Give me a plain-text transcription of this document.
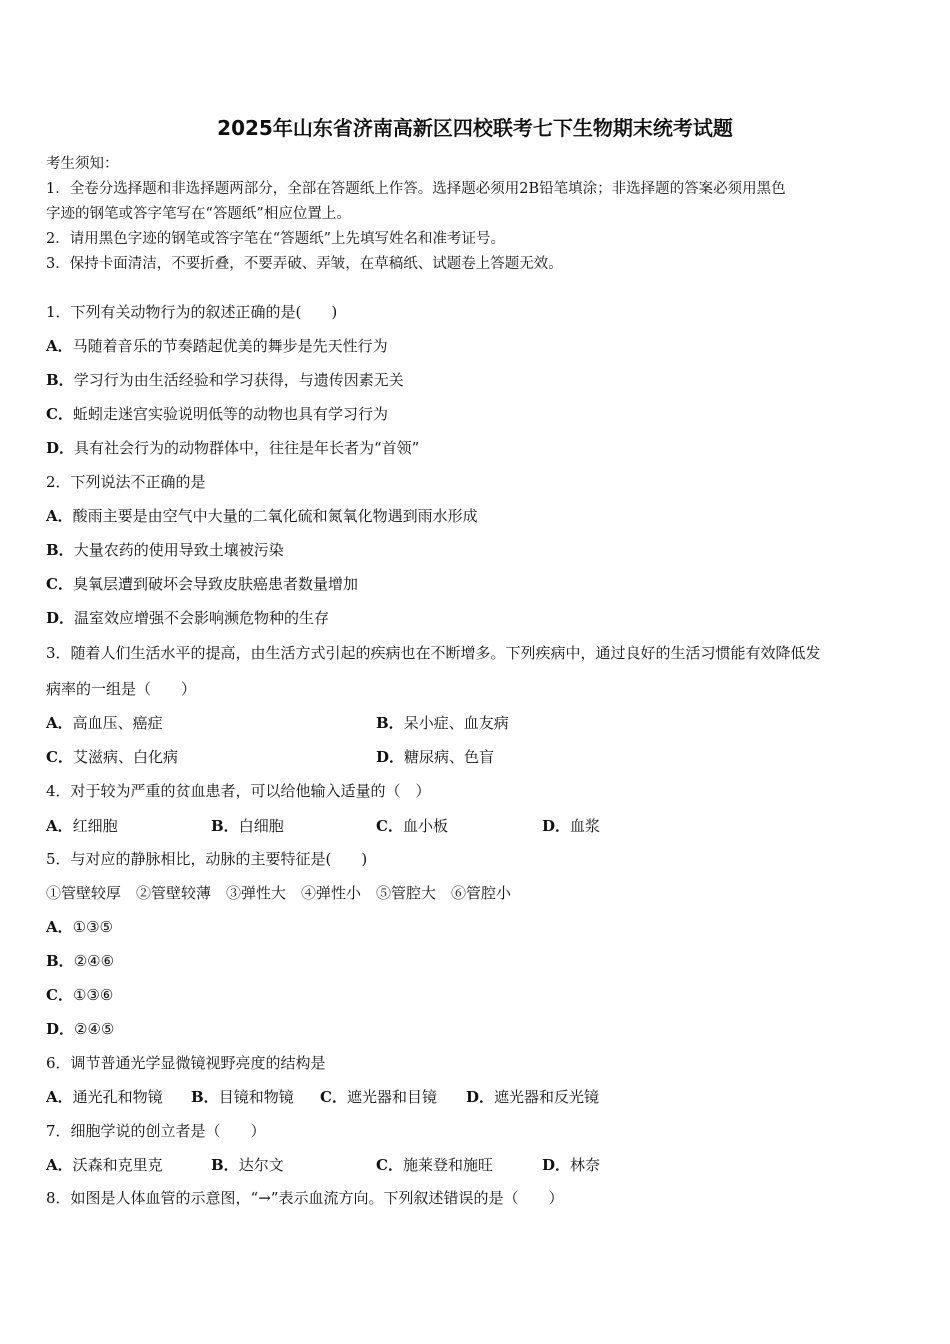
2025年山东省济南高新区四校联考七下生物期末统考试题
考生须知：
1．全卷分选择题和非选择题两部分，全部在答题纸上作答。选择题必须用2B铅笔填涂；非选择题的答案必须用黑色
字迹的钢笔或答字笔写在“答题纸”相应位置上。
2．请用黑色字迹的钢笔或答字笔在“答题纸”上先填写姓名和准考证号。
3．保持卡面清洁，不要折叠，不要弄破、弄皱，在草稿纸、试题卷上答题无效。
1．下列有关动物行为的叙述正确的是(　　)
A．马随着音乐的节奏踏起优美的舞步是先天性行为
B．学习行为由生活经验和学习获得，与遗传因素无关
C．蚯蚓走迷宫实验说明低等的动物也具有学习行为
D．具有社会行为的动物群体中，往往是年长者为“首领”
2．下列说法不正确的是
A．酸雨主要是由空气中大量的二氧化硫和氮氧化物遇到雨水形成
B．大量农药的使用导致土壤被污染
C．臭氧层遭到破坏会导致皮肤癌患者数量增加
D．温室效应增强不会影响濒危物种的生存
3．随着人们生活水平的提高，由生活方式引起的疾病也在不断增多。下列疾病中，通过良好的生活习惯能有效降低发
病率的一组是（　　）
A．高血压、癌症	B．呆小症、血友病
C．艾滋病、白化病	D．糖尿病、色盲
4．对于较为严重的贫血患者，可以给他输入适量的（　）
A．红细胞	B．白细胞	C．血小板	D．血浆
5．与对应的静脉相比，动脉的主要特征是(　　)
①管壁较厚　②管壁较薄　③弹性大　④弹性小　⑤管腔大　⑥管腔小
A．①③⑤
B．②④⑥
C．①③⑥
D．②④⑤
6．调节普通光学显微镜视野亮度的结构是
A．通光孔和物镜 B．目镜和物镜 C．遮光器和目镜 D．遮光器和反光镜
7．细胞学说的创立者是（　　）
A．沃森和克里克	B．达尔文	C．施莱登和施旺	D．林奈
8．如图是人体血管的示意图，“→”表示血流方向。下列叙述错误的是（　　）
